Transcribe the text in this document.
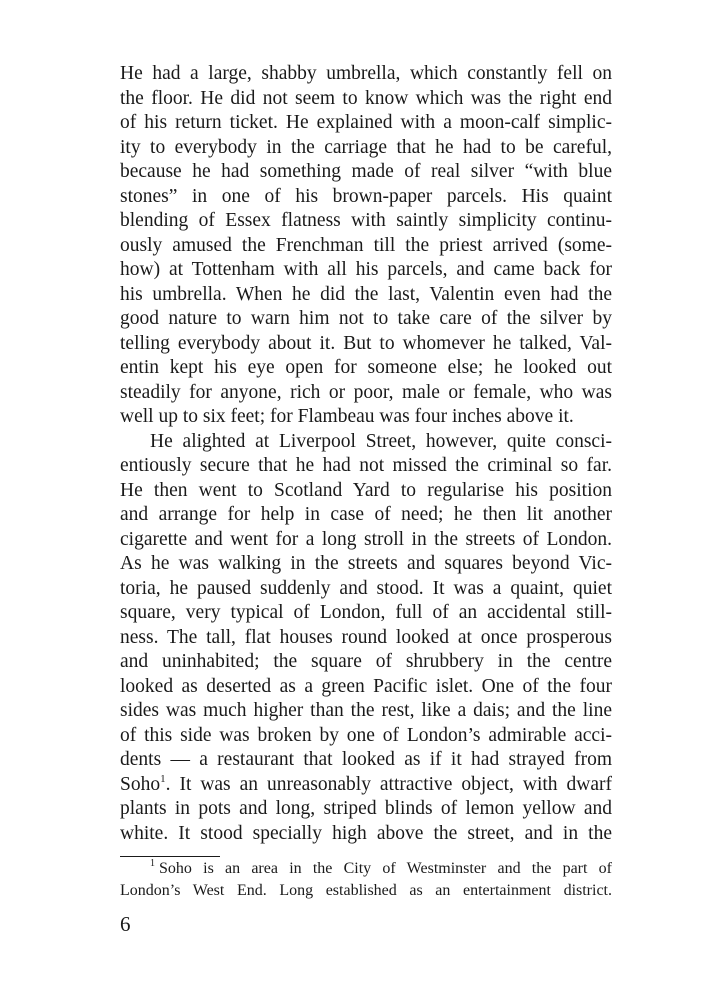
He had a large, shabby umbrella, which constantly fell on
the floor. He did not seem to know which was the right end
of his return ticket. He explained with a moon-calf simplic-
ity to everybody in the carriage that he had to be careful,
because he had something made of real silver “with blue
stones” in one of his brown-paper parcels. His quaint
blending of Essex flatness with saintly simplicity continu-
ously amused the Frenchman till the priest arrived (some-
how) at Tottenham with all his parcels, and came back for
his umbrella. When he did the last, Valentin even had the
good nature to warn him not to take care of the silver by
telling everybody about it. But to whomever he talked, Val-
entin kept his eye open for someone else; he looked out
steadily for anyone, rich or poor, male or female, who was
well up to six feet; for Flambeau was four inches above it.
He alighted at Liverpool Street, however, quite consci-
entiously secure that he had not missed the criminal so far.
He then went to Scotland Yard to regularise his position
and arrange for help in case of need; he then lit another
cigarette and went for a long stroll in the streets of London.
As he was walking in the streets and squares beyond Vic-
toria, he paused suddenly and stood. It was a quaint, quiet
square, very typical of London, full of an accidental still-
ness. The tall, flat houses round looked at once prosperous
and uninhabited; the square of shrubbery in the centre
looked as deserted as a green Pacific islet. One of the four
sides was much higher than the rest, like a dais; and the line
of this side was broken by one of London’s admirable acci-
dents — a restaurant that looked as if it had strayed from
Soho$^1$. It was an unreasonably attractive object, with dwarf
plants in pots and long, striped blinds of lemon yellow and
white. It stood specially high above the street, and in the
$^1$ Soho is an area in the City of Westminster and the part of
London’s West End. Long established as an entertainment district.
6
